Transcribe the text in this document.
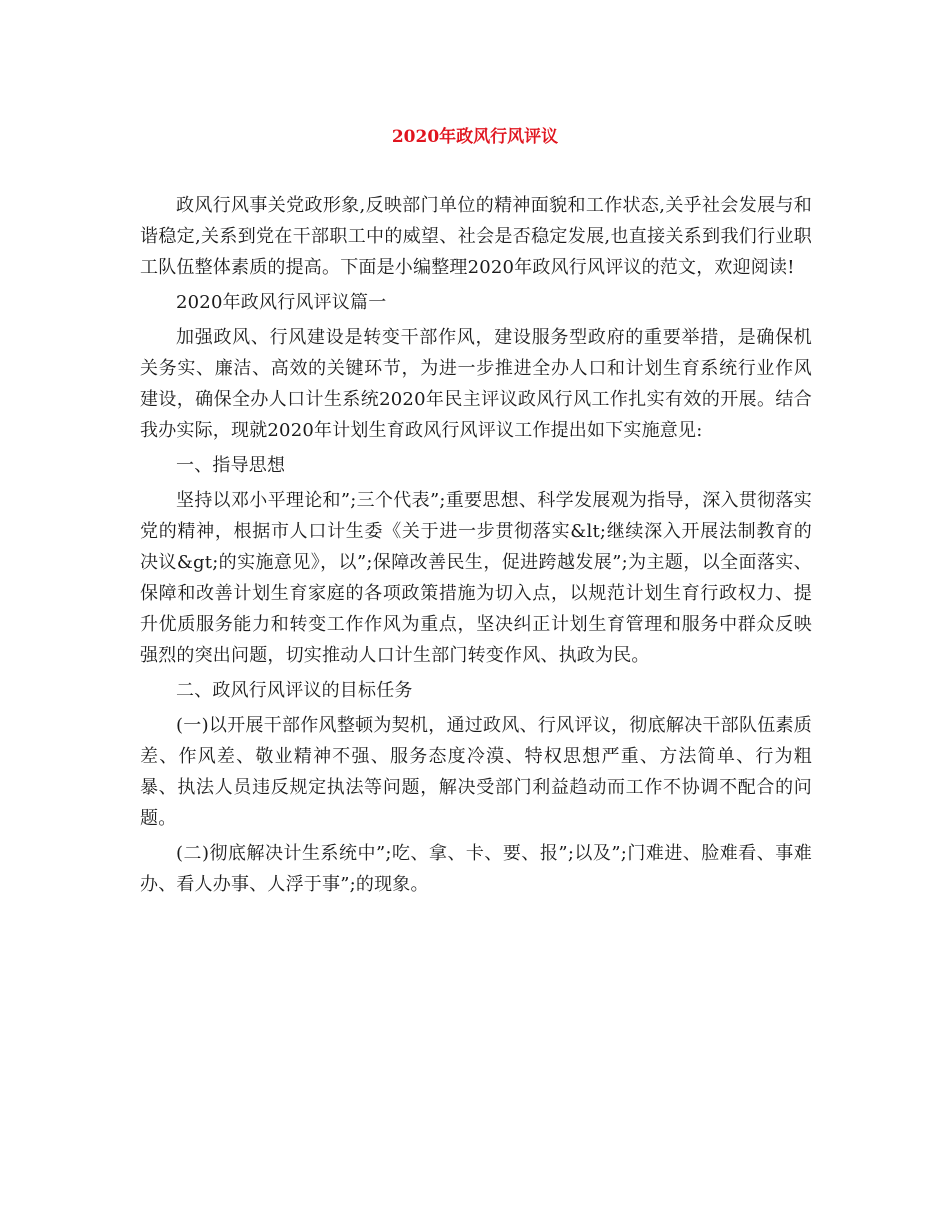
2020年政风行风评议

政风行风事关党政形象,反映部门单位的精神面貌和工作状态,关乎社会发展与和谐稳定,关系到党在干部职工中的威望、社会是否稳定发展,也直接关系到我们行业职工队伍整体素质的提高。下面是小编整理2020年政风行风评议的范文，欢迎阅读!

2020年政风行风评议篇一

加强政风、行风建设是转变干部作风，建设服务型政府的重要举措，是确保机关务实、廉洁、高效的关键环节，为进一步推进全办人口和计划生育系统行业作风建设，确保全办人口计生系统2020年民主评议政风行风工作扎实有效的开展。结合我办实际，现就2020年计划生育政风行风评议工作提出如下实施意见:

一、指导思想

坚持以邓小平理论和”;三个代表”;重要思想、科学发展观为指导，深入贯彻落实党的精神，根据市人口计生委《关于进一步贯彻落实&lt;继续深入开展法制教育的决议&gt;的实施意见》，以”;保障改善民生，促进跨越发展”;为主题，以全面落实、保障和改善计划生育家庭的各项政策措施为切入点，以规范计划生育行政权力、提升优质服务能力和转变工作作风为重点，坚决纠正计划生育管理和服务中群众反映强烈的突出问题，切实推动人口计生部门转变作风、执政为民。

二、政风行风评议的目标任务

(一)以开展干部作风整顿为契机，通过政风、行风评议，彻底解决干部队伍素质差、作风差、敬业精神不强、服务态度冷漠、特权思想严重、方法简单、行为粗暴、执法人员违反规定执法等问题，解决受部门利益趋动而工作不协调不配合的问题。

(二)彻底解决计生系统中”;吃、拿、卡、要、报”;以及”;门难进、脸难看、事难办、看人办事、人浮于事”;的现象。
